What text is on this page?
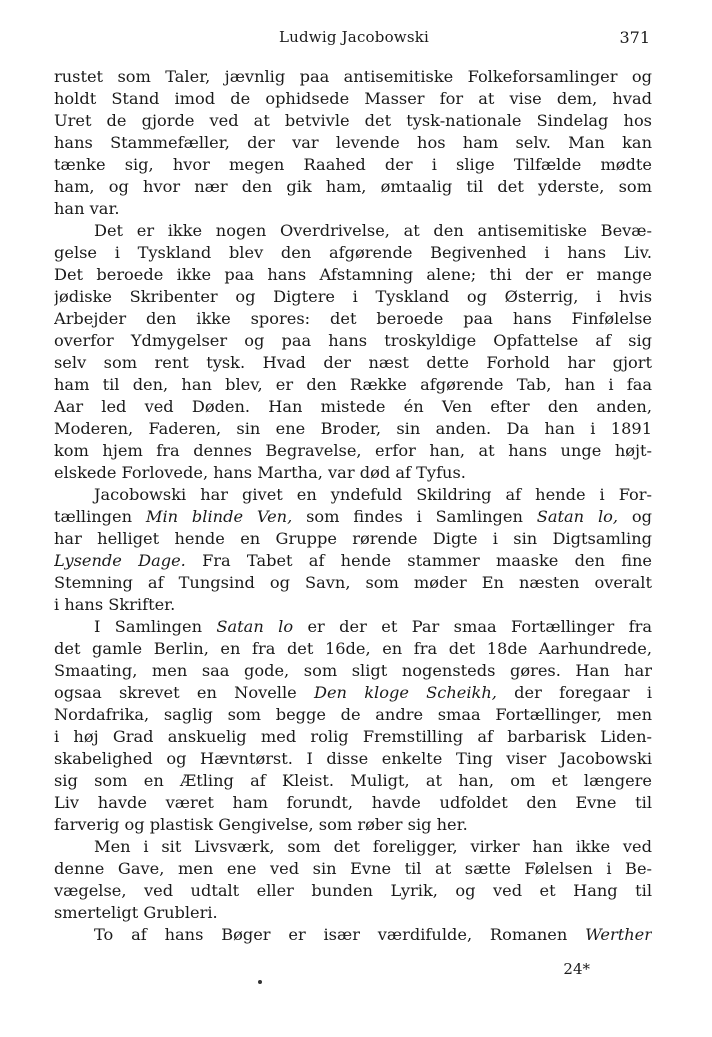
Ludwig Jacobowski	371
rustet som Taler, jævnlig paa antisemitiske Folkeforsamlinger og
holdt Stand imod de ophidsede Masser for at vise dem, hvad
Uret de gjorde ved at betvivle det tysk-nationale Sindelag hos
hans Stammefæller, der var levende hos ham selv. Man kan
tænke sig, hvor megen Raahed der i slige Tilfælde mødte
ham, og hvor nær den gik ham, ømtaalig til det yderste, som
han var.
Det er ikke nogen Overdrivelse, at den antisemitiske Bevæ-
gelse i Tyskland blev den afgørende Begivenhed i hans Liv.
Det beroede ikke paa hans Afstamning alene; thi der er mange
jødiske Skribenter og Digtere i Tyskland og Østerrig, i hvis
Arbejder den ikke spores: det beroede paa hans Finfølelse
overfor Ydmygelser og paa hans troskyldige Opfattelse af sig
selv som rent tysk. Hvad der næst dette Forhold har gjort
ham til den, han blev, er den Række afgørende Tab, han i faa
Aar led ved Døden. Han mistede én Ven efter den anden,
Moderen, Faderen, sin ene Broder, sin anden. Da han i 1891
kom hjem fra dennes Begravelse, erfor han, at hans unge højt-
elskede Forlovede, hans Martha, var død af Tyfus.
Jacobowski har givet en yndefuld Skildring af hende i For-
tællingen Min blinde Ven, som findes i Samlingen Satan lo, og
har helliget hende en Gruppe rørende Digte i sin Digtsamling
Lysende Dage. Fra Tabet af hende stammer maaske den fine
Stemning af Tungsind og Savn, som møder En næsten overalt
i hans Skrifter.
I Samlingen Satan lo er der et Par smaa Fortællinger fra
det gamle Berlin, en fra det 16de, en fra det 18de Aarhundrede,
Smaating, men saa gode, som sligt nogensteds gøres. Han har
ogsaa skrevet en Novelle Den kloge Scheikh, der foregaar i
Nordafrika, saglig som begge de andre smaa Fortællinger, men
i høj Grad anskuelig med rolig Fremstilling af barbarisk Liden-
skabelighed og Hævntørst. I disse enkelte Ting viser Jacobowski
sig som en Ætling af Kleist. Muligt, at han, om et længere
Liv havde været ham forundt, havde udfoldet den Evne til
farverig og plastisk Gengivelse, som røber sig her.
Men i sit Livsværk, som det foreligger, virker han ikke ved
denne Gave, men ene ved sin Evne til at sætte Følelsen i Be-
vægelse, ved udtalt eller bunden Lyrik, og ved et Hang til
smerteligt Grubleri.
To af hans Bøger er især værdifulde, Romanen Werther
24*
